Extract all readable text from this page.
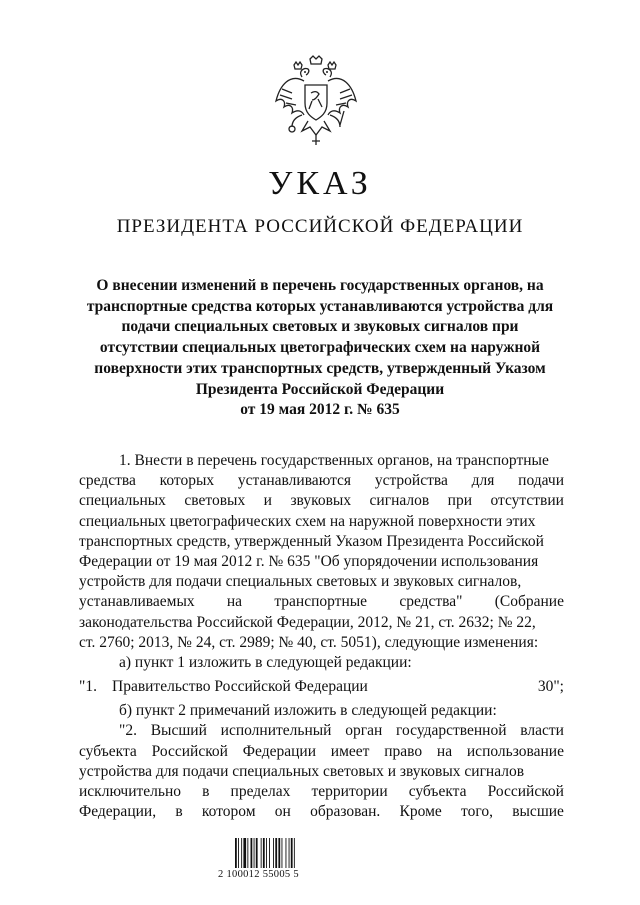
УКАЗ
ПРЕЗИДЕНТА РОССИЙСКОЙ ФЕДЕРАЦИИ
О внесении изменений в перечень государственных органов, на
транспортные средства которых устанавливаются устройства для
подачи специальных световых и звуковых сигналов при
отсутствии специальных цветографических схем на наружной
поверхности этих транспортных средств, утвержденный Указом
Президента Российской Федерации
от 19 мая 2012 г. № 635
1. Внести в перечень государственных органов, на транспортные
средства которых устанавливаются устройства для подачи
специальных световых и звуковых сигналов при отсутствии
специальных цветографических схем на наружной поверхности этих
транспортных средств, утвержденный Указом Президента Российской
Федерации от 19 мая 2012 г. № 635 "Об упорядочении использования
устройств для подачи специальных световых и звуковых сигналов,
устанавливаемых на транспортные средства" (Собрание
законодательства Российской Федерации, 2012, № 21, ст. 2632; № 22,
ст. 2760; 2013, № 24, ст. 2989; № 40, ст. 5051), следующие изменения:
а) пункт 1 изложить в следующей редакции:
"1. Правительство Российской Федерации	30";
б) пункт 2 примечаний изложить в следующей редакции:
"2. Высший исполнительный орган государственной власти
субъекта Российской Федерации имеет право на использование
устройства для подачи специальных световых и звуковых сигналов
исключительно в пределах территории субъекта Российской
Федерации, в котором он образован. Кроме того, высшие
2 100012 55005 5
